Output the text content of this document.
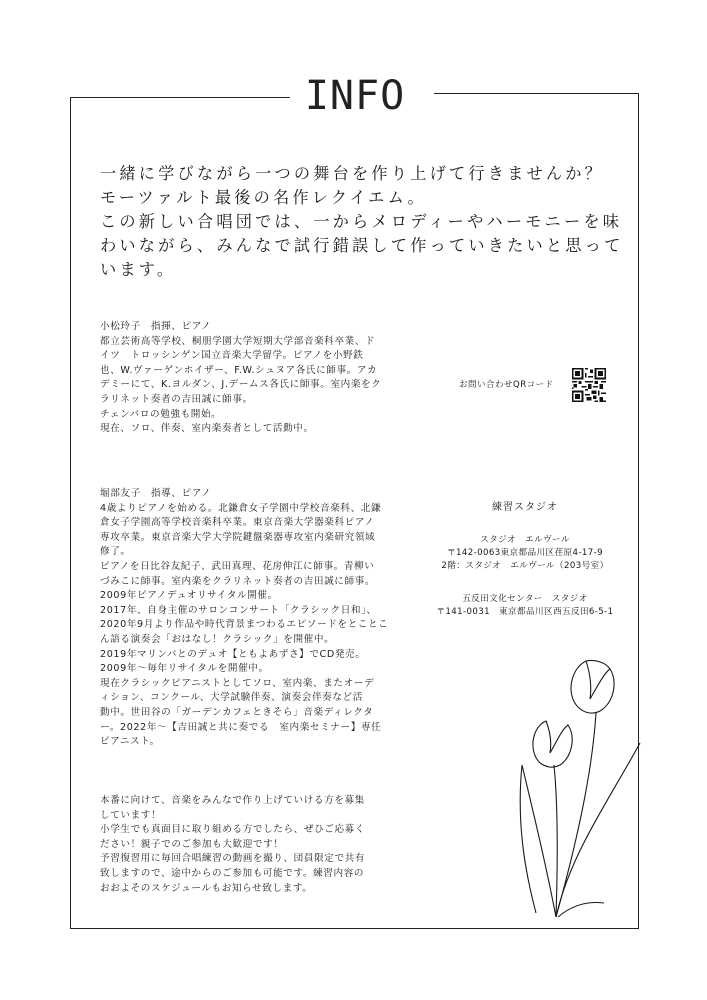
INFO
一緒に学びながら一つの舞台を作り上げて行きませんか？
モーツァルト最後の名作レクイエム。
この新しい合唱団では、一からメロディーやハーモニーを味
わいながら、みんなで試行錯誤して作っていきたいと思って
います。
小松玲子　指揮、ピアノ
都立芸術高等学校、桐朋学園大学短期大学部音楽科卒業、ド
イツ　トロッシンゲン国立音楽大学留学。ピアノを小野鉄
也、W.ヴァーゲンホイザー、F.W.シュヌア各氏に師事。アカ
デミーにて、K.ヨルダン、J.デームス各氏に師事。室内楽をク
ラリネット奏者の吉田誠に師事。
チェンバロの勉強も開始。
現在、ソロ、伴奏、室内楽奏者として活動中。
お問い合わせQRコード
堀部友子　指導、ピアノ
4歳よりピアノを始める。北鎌倉女子学園中学校音楽科、北鎌
倉女子学園高等学校音楽科卒業。東京音楽大学器楽科ピアノ
専攻卒業。東京音楽大学大学院鍵盤楽器専攻室内楽研究領域
修了。
ピアノを日比谷友紀子、武田真理、花房伸江に師事。青柳い
づみこに師事。室内楽をクラリネット奏者の吉田誠に師事。
2009年ピアノデュオリサイタル開催。
2017年、自身主催のサロンコンサート「クラシック日和」、
2020年9月より作品や時代背景まつわるエピソードをとことこ
ん語る演奏会「おはなし！クラシック」を開催中。
2019年マリンバとのデュオ【ともよあずさ】でCD発売。
2009年〜毎年リサイタルを開催中。
現在クラシックピアニストとしてソロ、室内楽、またオーデ
ィション、コンクール、大学試験伴奏、演奏会伴奏など活
動中。世田谷の「ガーデンカフェときそら」音楽ディレクタ
ー。2022年〜【吉田誠と共に奏でる　室内楽セミナー】専任
ピアニスト。
練習スタジオ
スタジオ　エルヴール
〒142-0063東京都品川区荏原4-17-9
2階：スタジオ　エルヴール（203号室）
五反田文化センター　スタジオ
〒141-0031　東京都品川区西五反田6-5-1
本番に向けて、音楽をみんなで作り上げていける方を募集
しています！
小学生でも真面目に取り組める方でしたら、ぜひご応募く
ださい！親子でのご参加も大歓迎です！
予習復習用に毎回合唱練習の動画を撮り、団員限定で共有
致しますので、途中からのご参加も可能です。練習内容の
おおよそのスケジュールもお知らせ致します。
